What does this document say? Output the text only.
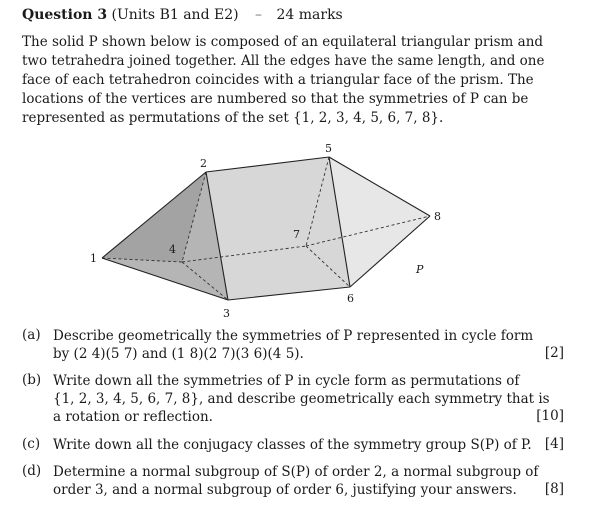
Question 3 (Units B1 and E2) – 24 marks
The solid P shown below is composed of an equilateral triangular prism and
two tetrahedra joined together. All the edges have the same length, and one
face of each tetrahedron coincides with a triangular face of the prism. The
locations of the vertices are numbered so that the symmetries of P can be
represented as permutations of the set {1, 2, 3, 4, 5, 6, 7, 8}.
1
2
3
4
5
6
7
8
P
(a) Describe geometrically the symmetries of P represented in cycle form
by (2 4)(5 7) and (1 8)(2 7)(3 6)(4 5).	[2]
(b) Write down all the symmetries of P in cycle form as permutations of
{1, 2, 3, 4, 5, 6, 7, 8}, and describe geometrically each symmetry that is
a rotation or reflection.	[10]
(c) Write down all the conjugacy classes of the symmetry group S(P) of P. [4]
(d) Determine a normal subgroup of S(P) of order 2, a normal subgroup of
order 3, and a normal subgroup of order 6, justifying your answers. [8]
